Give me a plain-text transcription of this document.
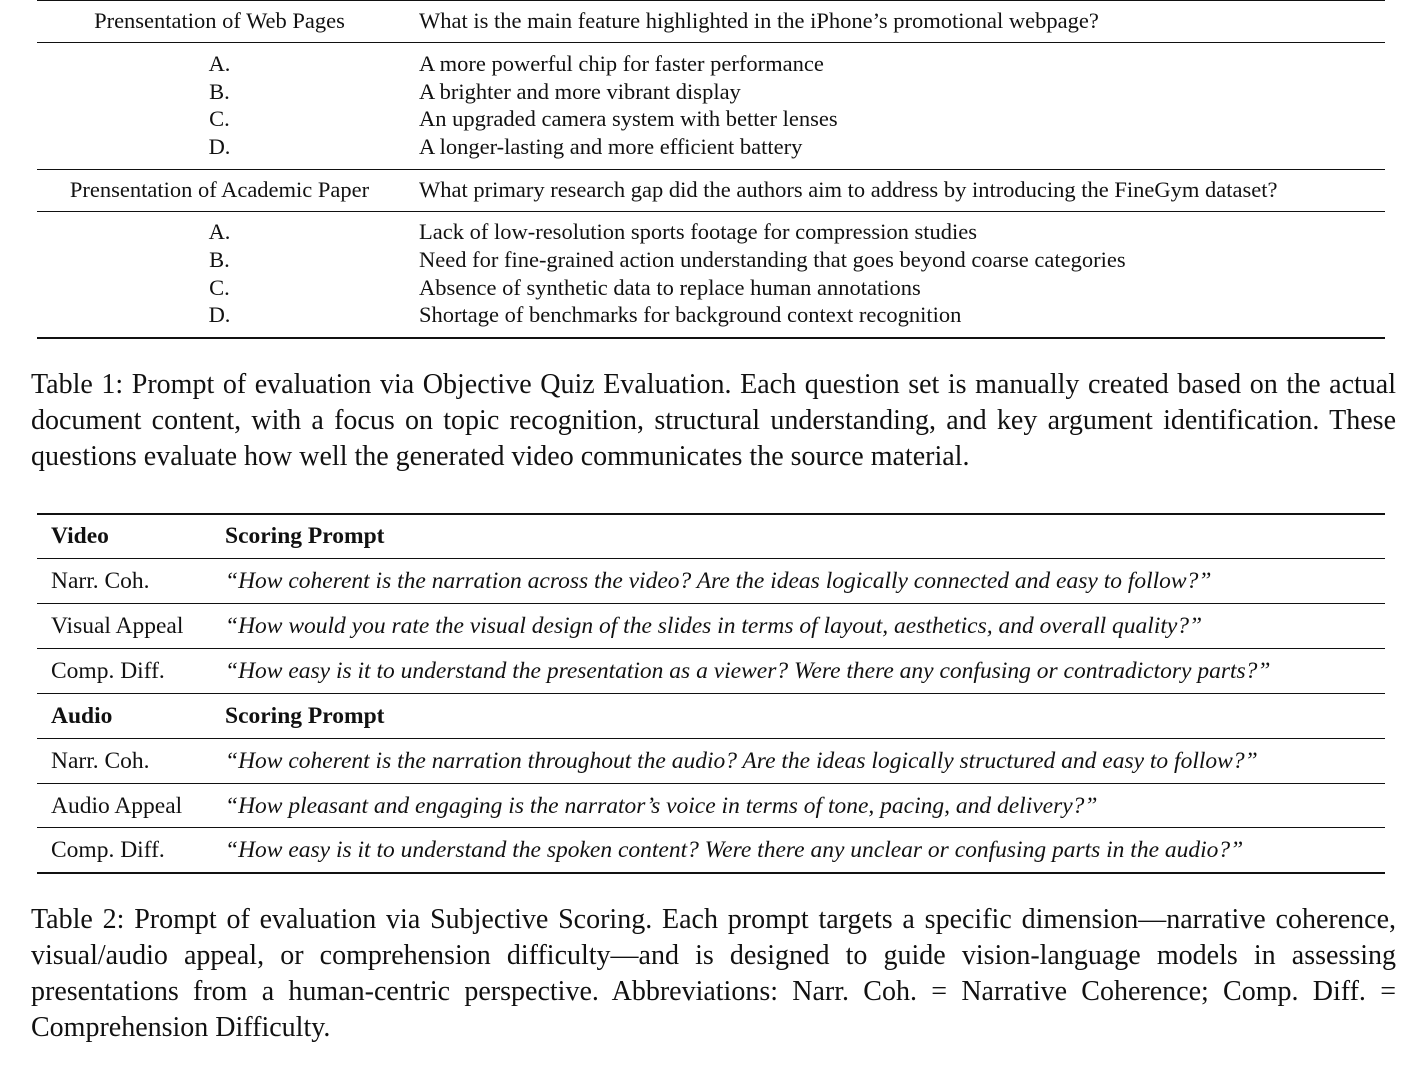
Prensentation of Web Pages	What is the main feature highlighted in the iPhone’s promotional webpage?
A.	A more powerful chip for faster performance
B.	A brighter and more vibrant display
C.	An upgraded camera system with better lenses
D.	A longer-lasting and more efficient battery
Prensentation of Academic Paper	What primary research gap did the authors aim to address by introducing the FineGym dataset?
A.	Lack of low-resolution sports footage for compression studies
B.	Need for fine-grained action understanding that goes beyond coarse categories
C.	Absence of synthetic data to replace human annotations
D.	Shortage of benchmarks for background context recognition

Table 1: Prompt of evaluation via Objective Quiz Evaluation. Each question set is manually created based on the actual document content, with a focus on topic recognition, structural understanding, and key argument identification. These questions evaluate how well the generated video communicates the source material.

Video	Scoring Prompt
Narr. Coh.	“How coherent is the narration across the video? Are the ideas logically connected and easy to follow?”
Visual Appeal “How would you rate the visual design of the slides in terms of layout, aesthetics, and overall quality?”
Comp. Diff.	“How easy is it to understand the presentation as a viewer? Were there any confusing or contradictory parts?”
Audio	Scoring Prompt
Narr. Coh.	“How coherent is the narration throughout the audio? Are the ideas logically structured and easy to follow?”
Audio Appeal “How pleasant and engaging is the narrator’s voice in terms of tone, pacing, and delivery?”
Comp. Diff.	“How easy is it to understand the spoken content? Were there any unclear or confusing parts in the audio?”

Table 2: Prompt of evaluation via Subjective Scoring. Each prompt targets a specific dimension—narrative coherence, visual/audio appeal, or comprehension difficulty—and is designed to guide vision-language models in assessing presentations from a human-centric perspective. Abbreviations: Narr. Coh. = Narrative Coherence; Comp. Diff. = Comprehension Difficulty.
